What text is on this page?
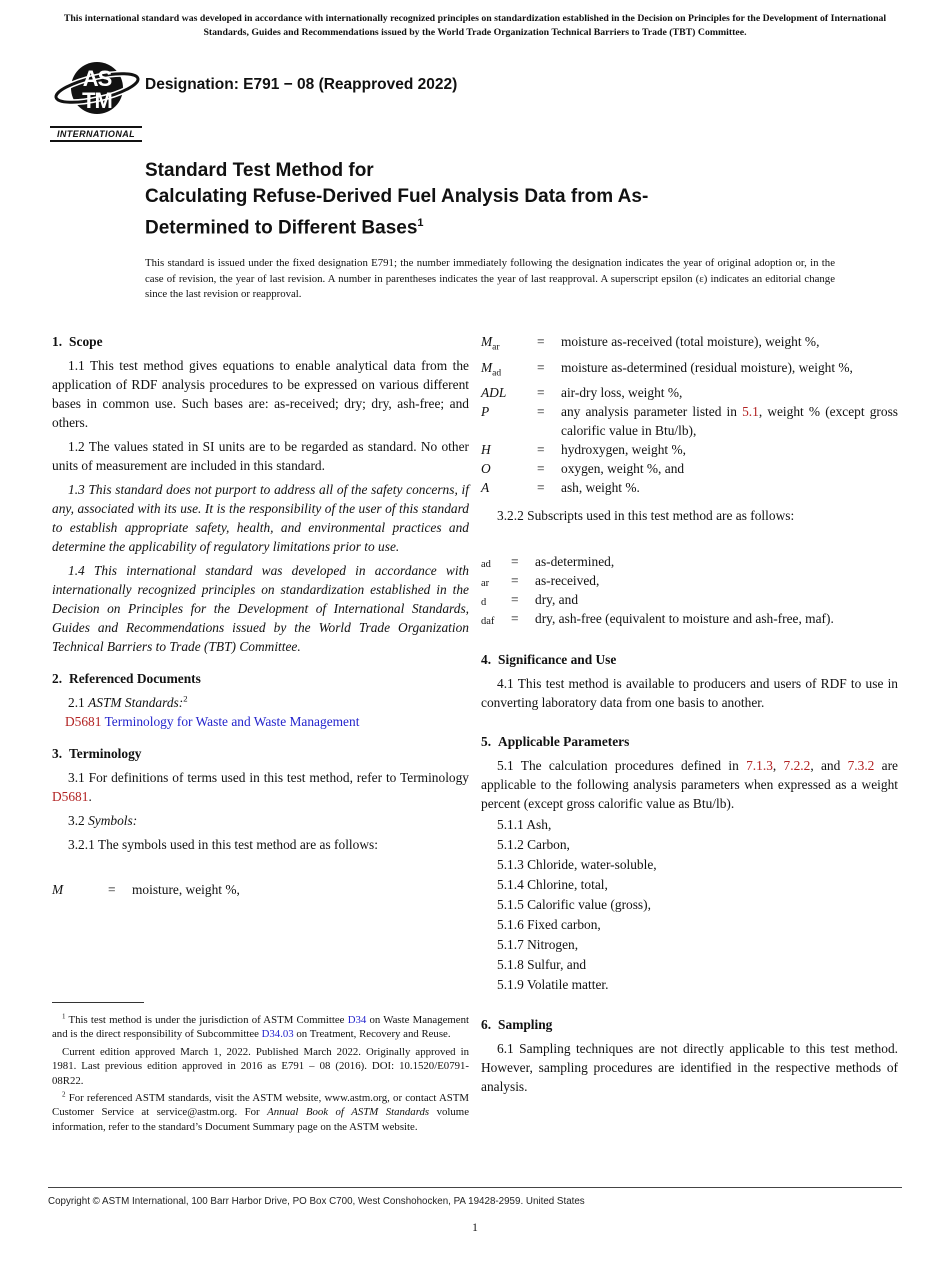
This international standard was developed in accordance with internationally recognized principles on standardization established in the Decision on Principles for the Development of International Standards, Guides and Recommendations issued by the World Trade Organization Technical Barriers to Trade (TBT) Committee.
AS
TM
INTERNATIONAL
Designation: E791 − 08 (Reapproved 2022)
Standard Test Method for
Calculating Refuse-Derived Fuel Analysis Data from As-
Determined to Different Bases$^1$
This standard is issued under the fixed designation E791; the number immediately following the designation indicates the year of original adoption or, in the case of revision, the year of last revision. A number in parentheses indicates the year of last reapproval. A superscript epsilon (ε) indicates an editorial change since the last revision or reapproval.
1. Scope
1.1 This test method gives equations to enable analytical data from the application of RDF analysis procedures to be expressed on various different bases in common use. Such bases are: as-received; dry; dry, ash-free; and others.
1.2 The values stated in SI units are to be regarded as standard. No other units of measurement are included in this standard.
1.3 This standard does not purport to address all of the safety concerns, if any, associated with its use. It is the responsibility of the user of this standard to establish appropriate safety, health, and environmental practices and determine the applicability of regulatory limitations prior to use.
1.4 This international standard was developed in accordance with internationally recognized principles on standardization established in the Decision on Principles for the Development of International Standards, Guides and Recommendations issued by the World Trade Organization Technical Barriers to Trade (TBT) Committee.
2. Referenced Documents
2.1 ASTM Standards:$^2$
D5681 Terminology for Waste and Waste Management
3. Terminology
3.1 For definitions of terms used in this test method, refer to Terminology D5681.
3.2 Symbols:
3.2.1 The symbols used in this test method are as follows:
M	=	moisture, weight %,
$M_{ar}$	=	moisture as-received (total moisture), weight %,
$M_{ad}$	=	moisture as-determined (residual moisture), weight %,
ADL	=	air-dry loss, weight %,
P	=	any analysis parameter listed in 5.1, weight % (except gross calorific value in Btu/lb),
H	=	hydroxygen, weight %,
O	=	oxygen, weight %, and
A	=	ash, weight %.
3.2.2 Subscripts used in this test method are as follows:
ad	=	as-determined,
ar	=	as-received,
d	=	dry, and
daf	=	dry, ash-free (equivalent to moisture and ash-free, maf).
4. Significance and Use
4.1 This test method is available to producers and users of RDF to use in converting laboratory data from one basis to another.
5. Applicable Parameters
5.1 The calculation procedures defined in 7.1.3, 7.2.2, and 7.3.2 are applicable to the following analysis parameters when expressed as a weight percent (except gross calorific value as Btu/lb).
5.1.1 Ash,
5.1.2 Carbon,
5.1.3 Chloride, water-soluble,
5.1.4 Chlorine, total,
5.1.5 Calorific value (gross),
5.1.6 Fixed carbon,
5.1.7 Nitrogen,
5.1.8 Sulfur, and
5.1.9 Volatile matter.
6. Sampling
6.1 Sampling techniques are not directly applicable to this test method. However, sampling procedures are identified in the respective methods of analysis.
$^1$ This test method is under the jurisdiction of ASTM Committee D34 on Waste Management and is the direct responsibility of Subcommittee D34.03 on Treatment, Recovery and Reuse.
Current edition approved March 1, 2022. Published March 2022. Originally approved in 1981. Last previous edition approved in 2016 as E791 – 08 (2016). DOI: 10.1520/E0791-08R22.
$^2$ For referenced ASTM standards, visit the ASTM website, www.astm.org, or contact ASTM Customer Service at service@astm.org. For Annual Book of ASTM Standards volume information, refer to the standard’s Document Summary page on the ASTM website.
Copyright © ASTM International, 100 Barr Harbor Drive, PO Box C700, West Conshohocken, PA 19428-2959. United States
1
